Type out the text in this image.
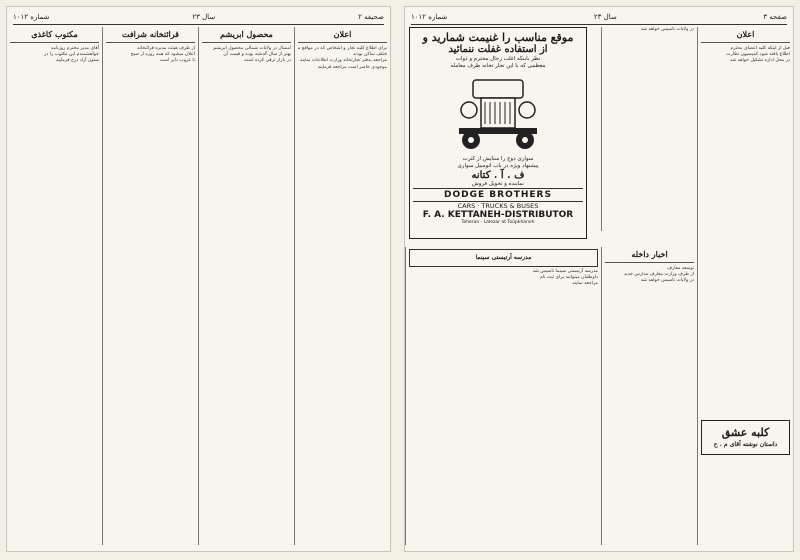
صحيفه ٢
سال ٢٣
شماره ١٠١٢
اعلان
برای اطلاع کلیه تجار و اشخاص که در مواقع مختلف ساکن بودند
مراجعه بدفتر تجارتخانه وزارت اطلاعات نمایند
موجودی حاضر است مراجعه فرمایند
محصول ابریشم
امسال در ولایات شمالی محصول ابریشم
بهتر از سال گذشته بوده و قیمت آن
در بازار ترقی کرده است
قرائتخانه شرافت
از طرف هیئت مدیره قرائتخانه
اعلان میشود که همه روزه از صبح
تا غروب دایر است
مکتوب کاغذی
آقای مدیر محترم روزنامه
خواهشمندم این مکتوب را در
ستون آزاد درج فرمایید
صفحه ٣
سال ٢٣
شماره ١٠١٢
اعلان
قبل از اینکه کلیه اعضای محترم
اطلاع یافته شود کمیسیون نظارت
در محل اداره تشکیل خواهد شد
کلبه عشق
داستان نوشته آقای م . ح
اخبار داخله
توسعه معارف
از طرف وزارت معارف مدارس جدید
در ولایات تاسیس خواهد شد
مدرسه آرتیستی سینما
مدرسه آرتیستی سینما تاسیس شد
داوطلبان میتوانند برای ثبت نام
مراجعه نمایند
در ولایات تاسیس خواهد شد
موقع مناسب را غنیمت شمارید و
از استفاده غفلت ننمائید
نظر باینکه اغلب رجال محترم و ذوات
معظمی که با این تجار تخانه طرف معامله
سواری دوج را ستایش از کثرت
پیشنهاد ویژه در باب اتومبیل سواری
ف . آ . کتانه
نماینده و تحویل فروش
DODGE BROTHERS
CARS · TRUCKS & BUSES
F. A. KETTANEH-DISTRIBUTOR
Teheran - Lalezar et Toûpkhaneh
